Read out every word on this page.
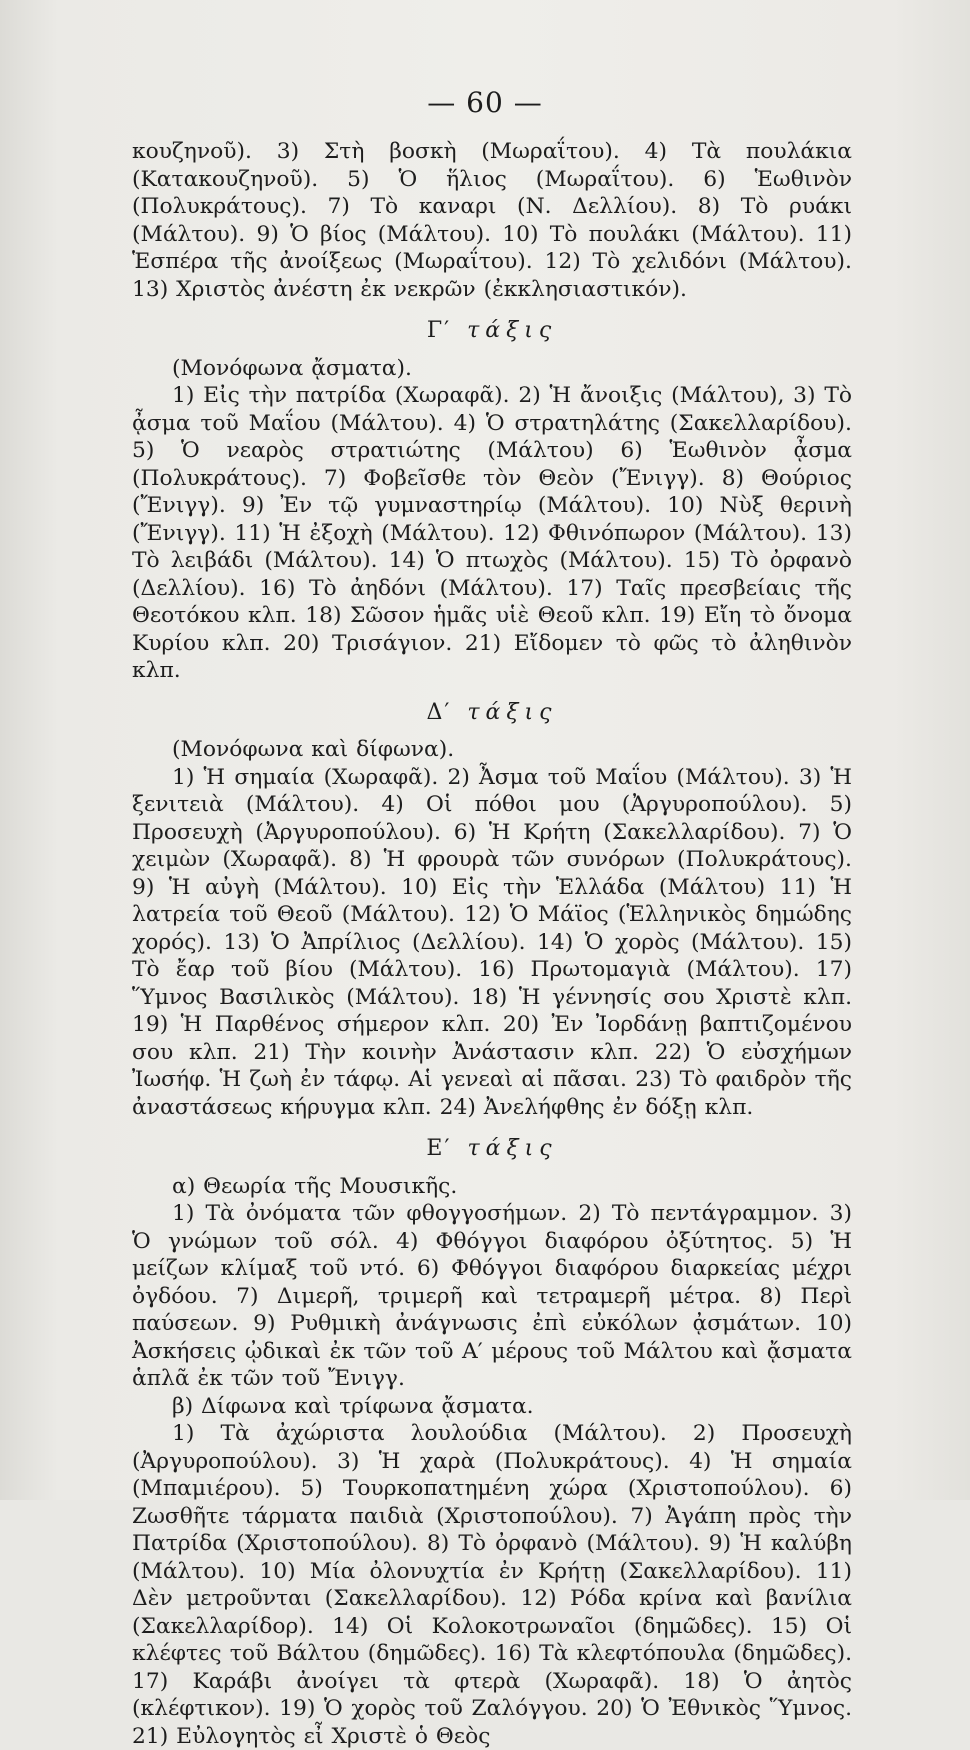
— 60 —

κουζηνοῦ). 3) Στὴ βοσκὴ (Μωραΐτου). 4) Τὰ πουλάκια (Κατακουζηνοῦ). 5) Ὁ ἥλιος (Μωραΐτου). 6) Ἑωθινὸν (Πολυκράτους). 7) Τὸ καναρι (Ν. Δελλίου). 8) Τὸ ρυάκι (Μάλτου). 9) Ὁ βίος (Μάλτου). 10) Τὸ πουλάκι (Μάλτου). 11) Ἑσπέρα τῆς ἀνοίξεως (Μωραΐτου). 12) Τὸ χελιδόνι (Μάλτου). 13) Χριστὸς ἀνέστη ἐκ νεκρῶν (ἐκκλησιαστικόν).

Γ′ τάξις

(Μονόφωνα ᾄσματα).

1) Εἰς τὴν πατρίδα (Χωραφᾶ). 2) Ἡ ἄνοιξις (Μάλτου), 3) Τὸ ᾆσμα τοῦ Μαΐου (Μάλτου). 4) Ὁ στρατηλάτης (Σακελλαρίδου). 5) Ὁ νεαρὸς στρατιώτης (Μάλτου) 6) Ἑωθινὸν ᾆσμα (Πολυκράτους). 7) Φοβεῖσθε τὸν Θεὸν (Ἔνιγγ). 8) Θούριος (Ἔνιγγ). 9) Ἐν τῷ γυμναστηρίῳ (Μάλτου). 10) Νὺξ θερινὴ (Ἔνιγγ). 11) Ἡ ἐξοχὴ (Μάλτου). 12) Φθινόπωρον (Μάλτου). 13) Τὸ λειβάδι (Μάλτου). 14) Ὁ πτωχὸς (Μάλτου). 15) Τὸ ὀρφανὸ (Δελλίου). 16) Τὸ ἀηδόνι (Μάλτου). 17) Ταῖς πρεσβείαις τῆς Θεοτόκου κλπ. 18) Σῶσον ἡμᾶς υἱὲ Θεοῦ κλπ. 19) Εἴη τὸ ὄνομα Κυρίου κλπ. 20) Τρισάγιον. 21) Εἴδομεν τὸ φῶς τὸ ἀληθινὸν κλπ.

Δ′ τάξις

(Μονόφωνα καὶ δίφωνα).

1) Ἡ σημαία (Χωραφᾶ). 2) Ἆσμα τοῦ Μαΐου (Μάλτου). 3) Ἡ ξενιτειὰ (Μάλτου). 4) Οἱ πόθοι μου (Ἀργυροπούλου). 5) Προσευχὴ (Ἀργυροπούλου). 6) Ἡ Κρήτη (Σακελλαρίδου). 7) Ὁ χειμὼν (Χωραφᾶ). 8) Ἡ φρουρὰ τῶν συνόρων (Πολυκράτους). 9) Ἡ αὐγὴ (Μάλτου). 10) Εἰς τὴν Ἑλλάδα (Μάλτου) 11) Ἡ λατρεία τοῦ Θεοῦ (Μάλτου). 12) Ὁ Μάϊος (Ἑλληνικὸς δημώδης χορός). 13) Ὁ Ἀπρίλιος (Δελλίου). 14) Ὁ χορὸς (Μάλτου). 15) Τὸ ἔαρ τοῦ βίου (Μάλτου). 16) Πρωτομαγιὰ (Μάλτου). 17) Ὕμνος Βασιλικὸς (Μάλτου). 18) Ἡ γέννησίς σου Χριστὲ κλπ. 19) Ἡ Παρθένος σήμερον κλπ. 20) Ἐν Ἰορδάνῃ βαπτιζομένου σου κλπ. 21) Τὴν κοινὴν Ἀνάστασιν κλπ. 22) Ὁ εὐσχήμων Ἰωσήφ. Ἡ ζωὴ ἐν τάφῳ. Αἱ γενεαὶ αἱ πᾶσαι. 23) Τὸ φαιδρὸν τῆς ἀναστάσεως κήρυγμα κλπ. 24) Ἀνελήφθης ἐν δόξῃ κλπ.

Ε′ τάξις

α) Θεωρία τῆς Μουσικῆς.

1) Τὰ ὀνόματα τῶν φθογγοσήμων. 2) Τὸ πεντάγραμμον. 3) Ὁ γνώμων τοῦ σόλ. 4) Φθόγγοι διαφόρου ὀξύτητος. 5) Ἡ μείζων κλίμαξ τοῦ ντό. 6) Φθόγγοι διαφόρου διαρκείας μέχρι ὀγδόου. 7) Διμερῆ, τριμερῆ καὶ τετραμερῆ μέτρα. 8) Περὶ παύσεων. 9) Ρυθμικὴ ἀνάγνωσις ἐπὶ εὐκόλων ᾀσμάτων. 10) Ἀσκήσεις ᾠδικαὶ ἐκ τῶν τοῦ Α′ μέρους τοῦ Μάλτου καὶ ᾄσματα ἁπλᾶ ἐκ τῶν τοῦ Ἔνιγγ.

β) Δίφωνα καὶ τρίφωνα ᾄσματα.

1) Τὰ ἀχώριστα λουλούδια (Μάλτου). 2) Προσευχὴ (Ἀργυροπούλου). 3) Ἡ χαρὰ (Πολυκράτους). 4) Ἡ σημαία (Μπαμιέρου). 5) Τουρκοπατημένη χώρα (Χριστοπούλου). 6) Ζωσθῆτε τάρματα παιδιὰ (Χριστοπούλου). 7) Ἀγάπη πρὸς τὴν Πατρίδα (Χριστοπούλου). 8) Τὸ ὀρφανὸ (Μάλτου). 9) Ἡ καλύβη (Μάλτου). 10) Μία ὀλονυχτία ἐν Κρήτῃ (Σακελλαρίδου). 11) Δὲν μετροῦνται (Σακελλαρίδου). 12) Ρόδα κρίνα καὶ βανίλια (Σακελλαρίδορ). 14) Οἱ Κολοκοτρωναῖοι (δημῶδες). 15) Οἱ κλέφτες τοῦ Βάλτου (δημῶδες). 16) Τὰ κλεφτόπουλα (δημῶδες). 17) Καράβι ἀνοίγει τὰ φτερὰ (Χωραφᾶ). 18) Ὁ ἀητὸς (κλέφτικον). 19) Ὁ χορὸς τοῦ Ζαλόγγου. 20) Ὁ Ἐθνικὸς Ὕμνος. 21) Εὐλογητὸς εἶ Χριστὲ ὁ Θεὸς
